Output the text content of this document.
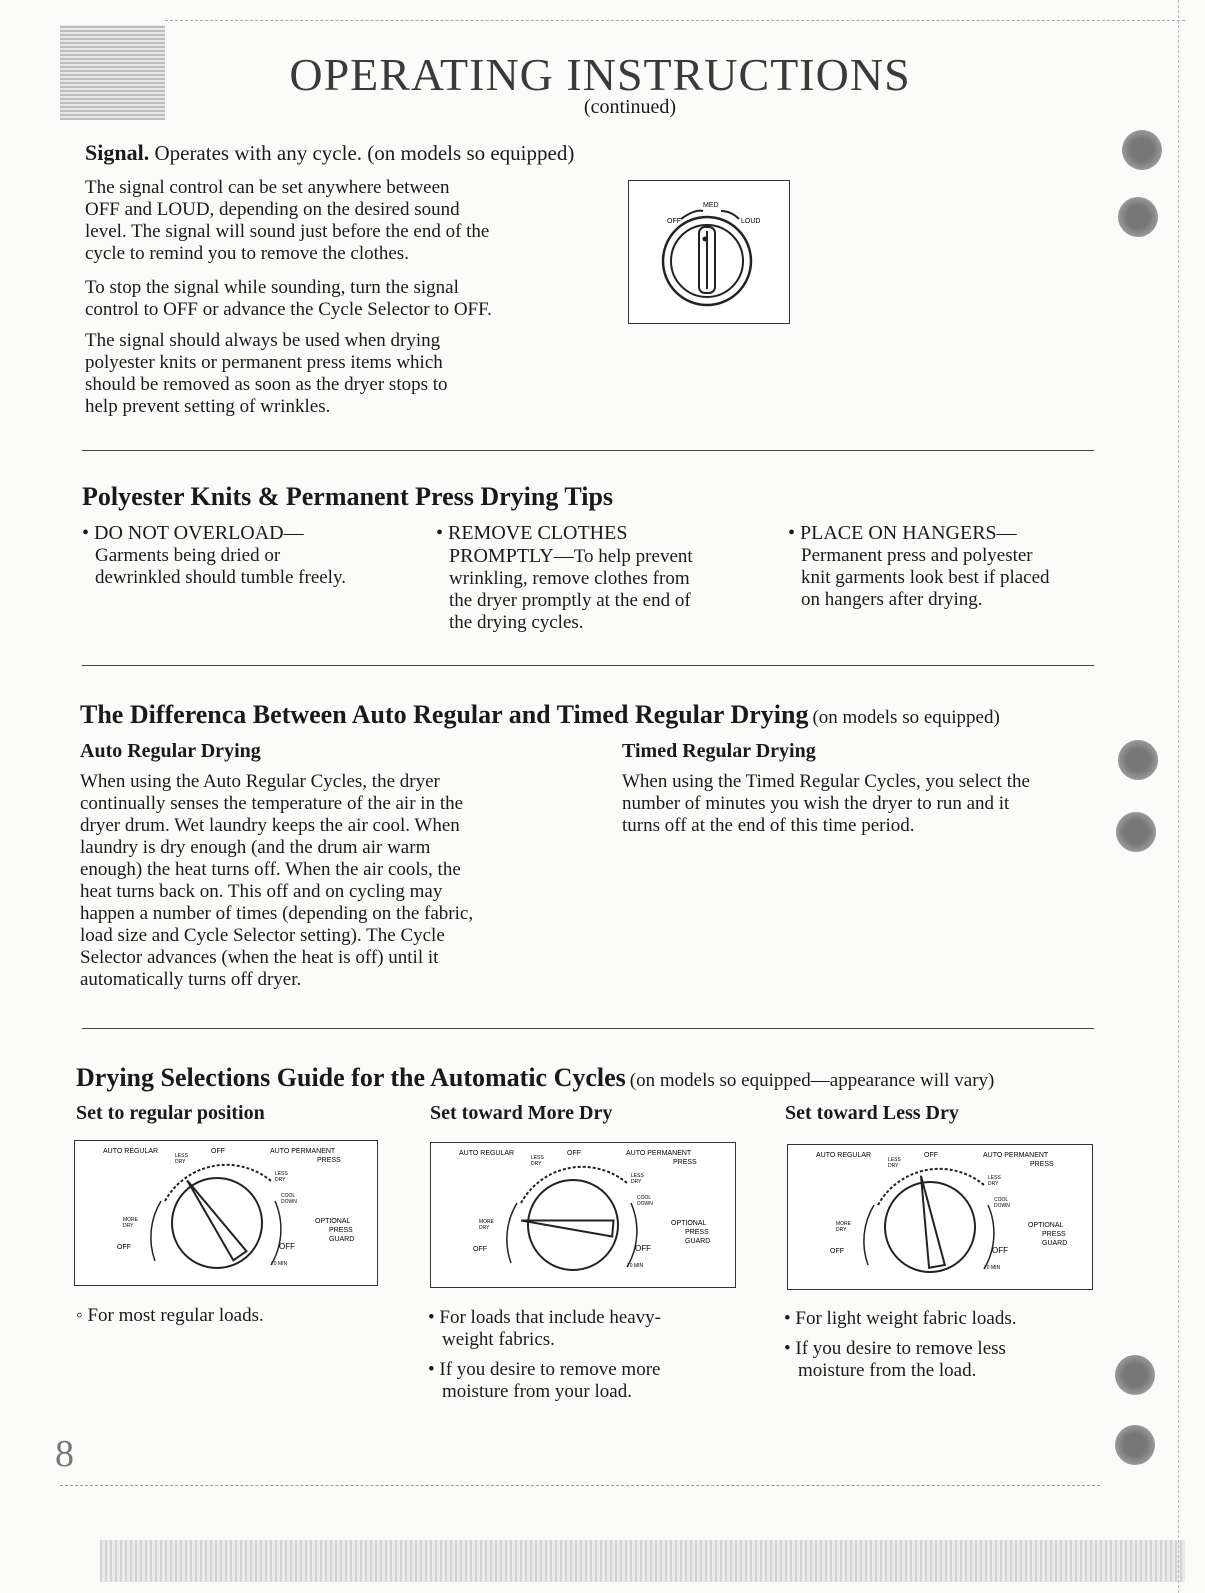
OPERATING INSTRUCTIONS
(continued)
Signal. Operates with any cycle. (on models so equipped)
The signal control can be set anywhere between
OFF and LOUD, depending on the desired sound
level. The signal will sound just before the end of the
cycle to remind you to remove the clothes.
To stop the signal while sounding, turn the signal
control to OFF or advance the Cycle Selector to OFF.
The signal should always be used when drying
polyester knits or permanent press items which
should be removed as soon as the dryer stops to
help prevent setting of wrinkles.
OFF
MED
LOUD
Polyester Knits & Permanent Press Drying Tips
• DO NOT OVERLOAD—
Garments being dried or
dewrinkled should tumble freely.
• REMOVE CLOTHES
PROMPTLY—To help prevent
wrinkling, remove clothes from
the dryer promptly at the end of
the drying cycles.
• PLACE ON HANGERS—
Permanent press and polyester
knit garments look best if placed
on hangers after drying.
The Differenca Between Auto Regular and Timed Regular Drying (on models so equipped)
Auto Regular Drying
When using the Auto Regular Cycles, the dryer
continually senses the temperature of the air in the
dryer drum. Wet laundry keeps the air cool. When
laundry is dry enough (and the drum air warm
enough) the heat turns off. When the air cools, the
heat turns back on. This off and on cycling may
happen a number of times (depending on the fabric,
load size and Cycle Selector setting). The Cycle
Selector advances (when the heat is off) until it
automatically turns off dryer.
Timed Regular Drying
When using the Timed Regular Cycles, you select the
number of minutes you wish the dryer to run and it
turns off at the end of this time period.
Drying Selections Guide for the Automatic Cycles (on models so equipped—appearance will vary)
Set to regular position	Set toward More Dry	Set toward Less Dry
AUTO REGULAR	AUTO PERMANENT
PRESS
OFF
LESS
DRY
LESS
DRY
COOL
DOWN
OPTIONAL
PRESS
GUARD
MORE
DRY
OFF	OFF
70 MIN
AUTO REGULAR	AUTO PERMANENT
PRESS
OFF
LESS
DRY
LESS
DRY
COOL
DOWN
OPTIONAL
PRESS
GUARD
MORE
DRY
OFF	OFF
70 MIN
AUTO REGULAR	AUTO PERMANENT
PRESS
OFF
LESS
DRY
LESS
DRY
COOL
DOWN
OPTIONAL
PRESS
GUARD
MORE
DRY
OFF	OFF
70 MIN
◦ For most regular loads.	• For loads that include heavy-
weight fabrics.
• If you desire to remove more
moisture from your load.
• For light weight fabric loads.
• If you desire to remove less
moisture from the load.
8
